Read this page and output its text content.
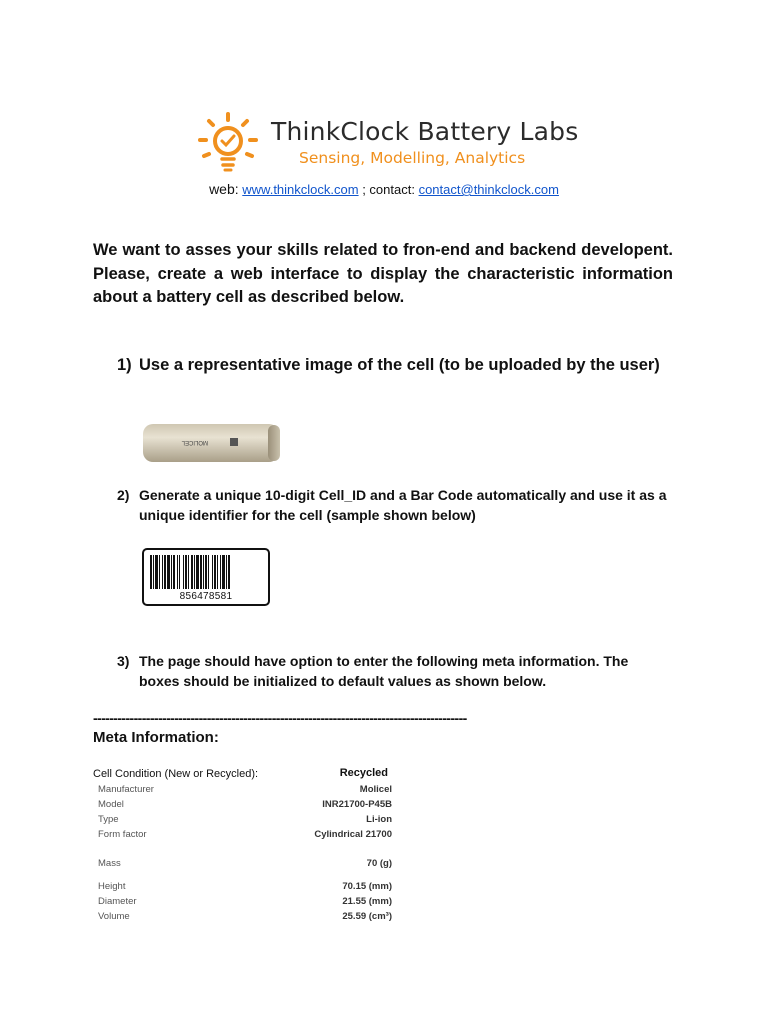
ThinkClock Battery Labs
Sensing, Modelling, Analytics
web: www.thinkclock.com ; contact: contact@thinkclock.com
We want to asses your skills related to fron-end and backend developent. Please, create a web interface to display the characteristic information about a battery cell as described below.
1) Use a representative image of the cell (to be uploaded by the user)
MOLICEL
2) Generate a unique 10-digit Cell_ID and a Bar Code automatically and use it as a unique identifier for the cell (sample shown below)
856478581
3) The page should have option to enter the following meta information. The boxes should be initialized to default values as shown below.
--------------------------------------------------------------------------------------------
Meta Information:
Cell Condition (New or Recycled):	Recycled
Manufacturer	Molicel
Model	INR21700-P45B
Type	Li-ion
Form factor	Cylindrical 21700
Mass	70 (g)
Height	70.15 (mm)
Diameter	21.55 (mm)
Volume	25.59 (cm³)
